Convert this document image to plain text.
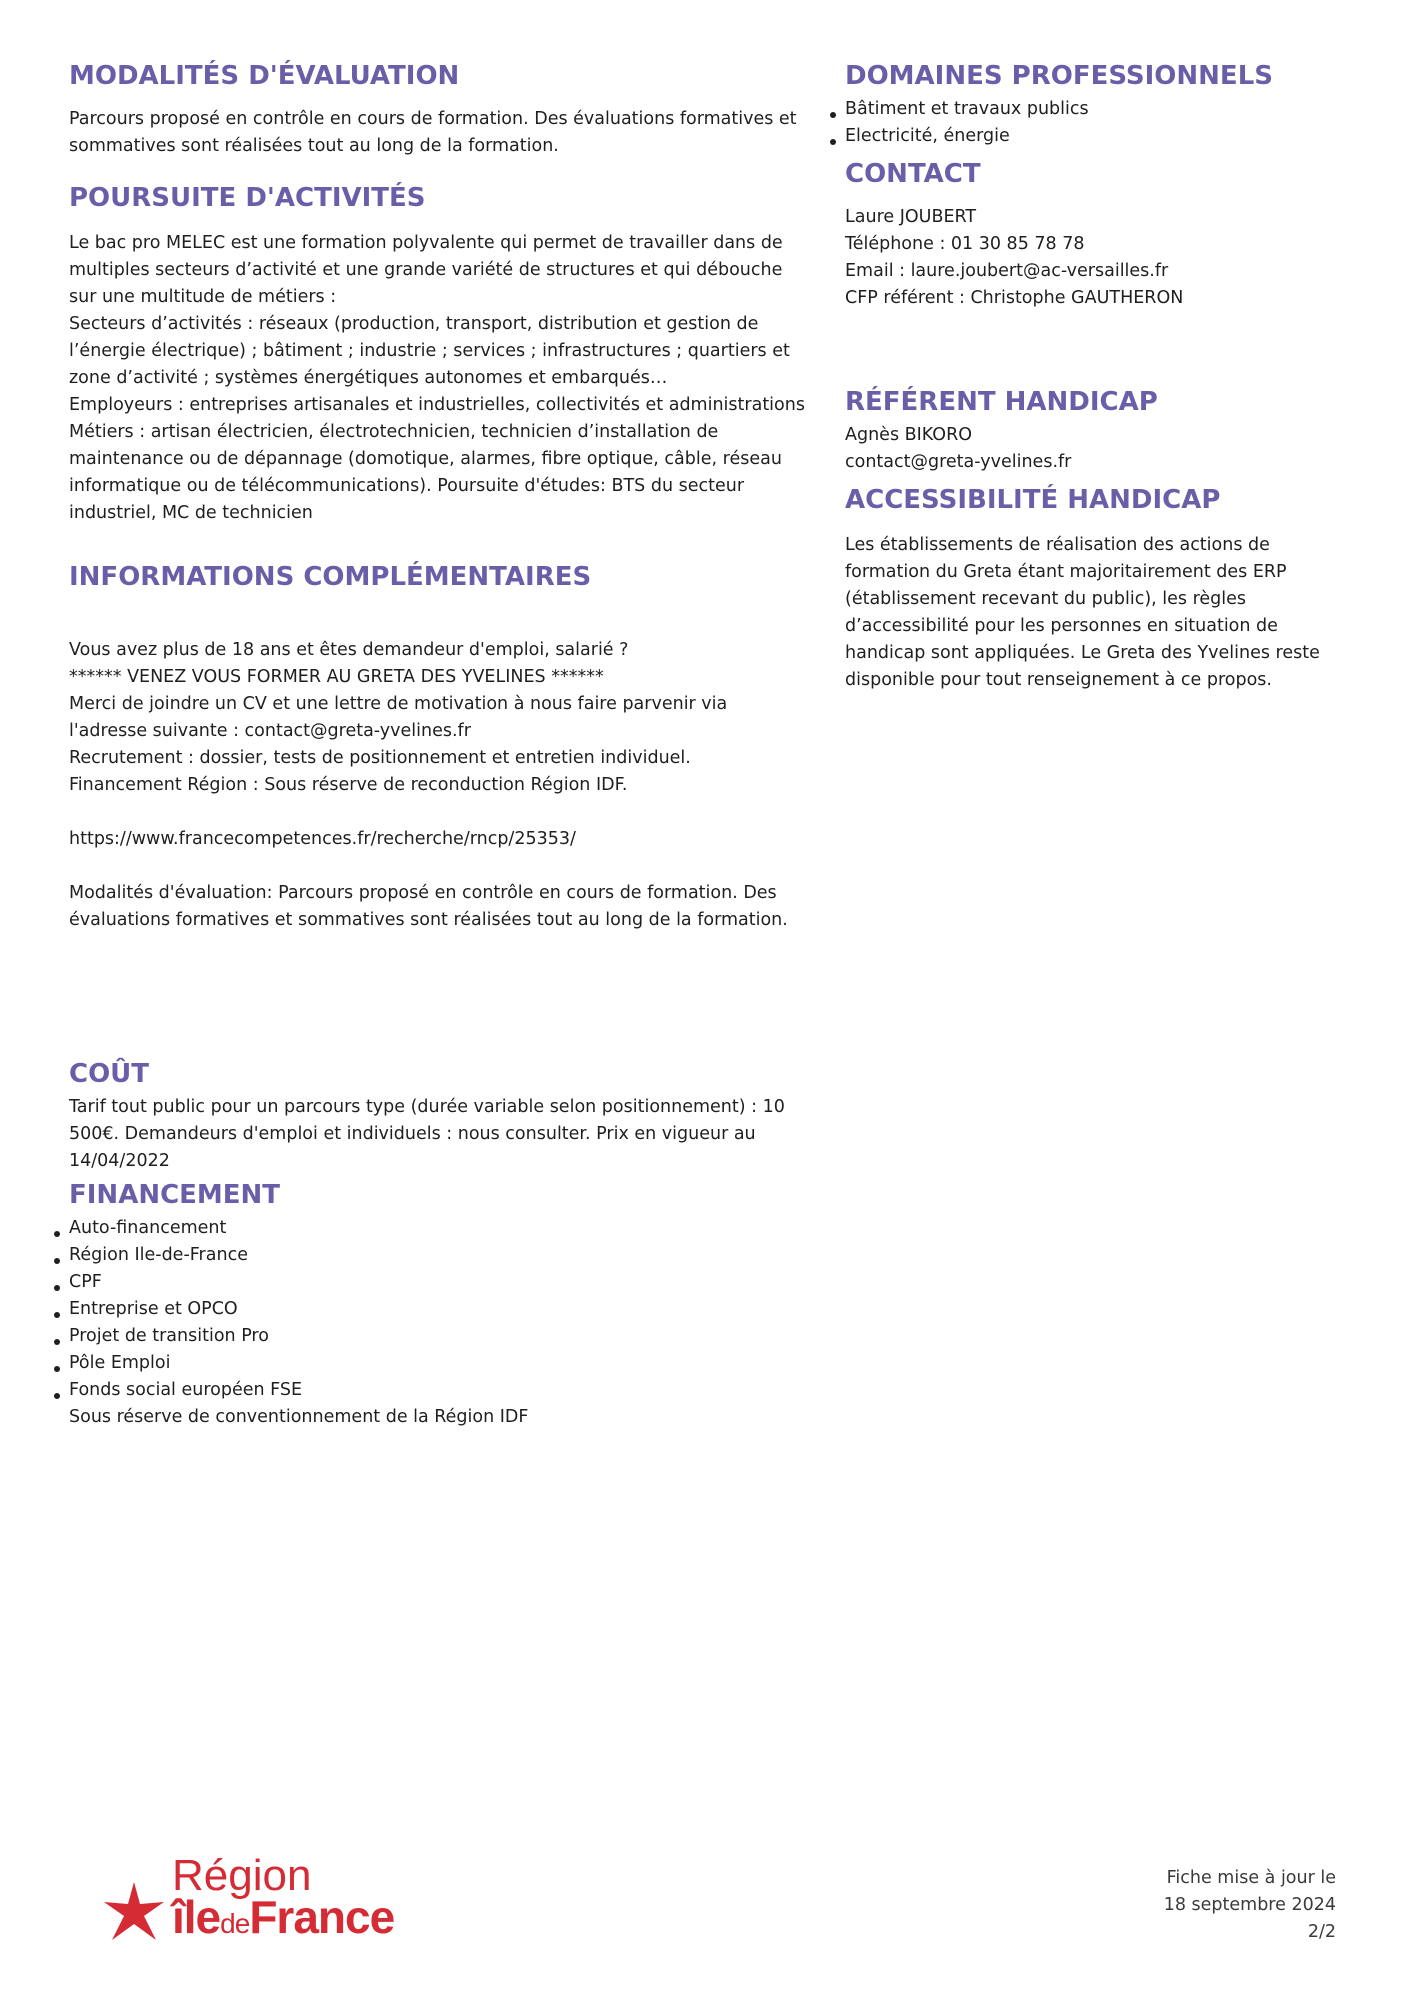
MODALITÉS D'ÉVALUATION

Parcours proposé en contrôle en cours de formation. Des évaluations formatives et sommatives sont réalisées tout au long de la formation.

POURSUITE D'ACTIVITÉS

Le bac pro MELEC est une formation polyvalente qui permet de travailler dans de multiples secteurs d’activité et une grande variété de structures et qui débouche sur une multitude de métiers :
Secteurs d’activités : réseaux (production, transport, distribution et gestion de l’énergie électrique) ; bâtiment ; industrie ; services ; infrastructures ; quartiers et zone d’activité ; systèmes énergétiques autonomes et embarqués…
Employeurs : entreprises artisanales et industrielles, collectivités et administrations
Métiers : artisan électricien, électrotechnicien, technicien d’installation de maintenance ou de dépannage (domotique, alarmes, fibre optique, câble, réseau informatique ou de télécommunications). Poursuite d'études: BTS du secteur industriel, MC de technicien

INFORMATIONS COMPLÉMENTAIRES

Vous avez plus de 18 ans et êtes demandeur d'emploi, salarié ?
****** VENEZ VOUS FORMER AU GRETA DES YVELINES ******
Merci de joindre un CV et une lettre de motivation à nous faire parvenir via l'adresse suivante : contact@greta-yvelines.fr
Recrutement : dossier, tests de positionnement et entretien individuel.
Financement Région : Sous réserve de reconduction Région IDF.

https://www.francecompetences.fr/recherche/rncp/25353/

Modalités d'évaluation: Parcours proposé en contrôle en cours de formation. Des évaluations formatives et sommatives sont réalisées tout au long de la formation.

COÛT

Tarif tout public pour un parcours type (durée variable selon positionnement) : 10 500€. Demandeurs d'emploi et individuels : nous consulter. Prix en vigueur au 14/04/2022

FINANCEMENT
Auto-financement
Région Ile-de-France
CPF
Entreprise et OPCO
Projet de transition Pro
Pôle Emploi
Fonds social européen FSE

Sous réserve de conventionnement de la Région IDF

DOMAINES PROFESSIONNELS
Bâtiment et travaux publics
Electricité, énergie
CONTACT
Laure JOUBERT
Téléphone : 01 30 85 78 78
Email : laure.joubert@ac-versailles.fr
CFP référent : Christophe GAUTHERON
RÉFÉRENT HANDICAP
Agnès BIKORO
contact@greta-yvelines.fr
ACCESSIBILITÉ HANDICAP

Les établissements de réalisation des actions de formation du Greta étant majoritairement des ERP (établissement recevant du public), les règles d’accessibilité pour les personnes en situation de handicap sont appliquées. Le Greta des Yvelines reste disponible pour tout renseignement à ce propos.

Région
îledeFrance
Fiche mise à jour le
18 septembre 2024
2/2
